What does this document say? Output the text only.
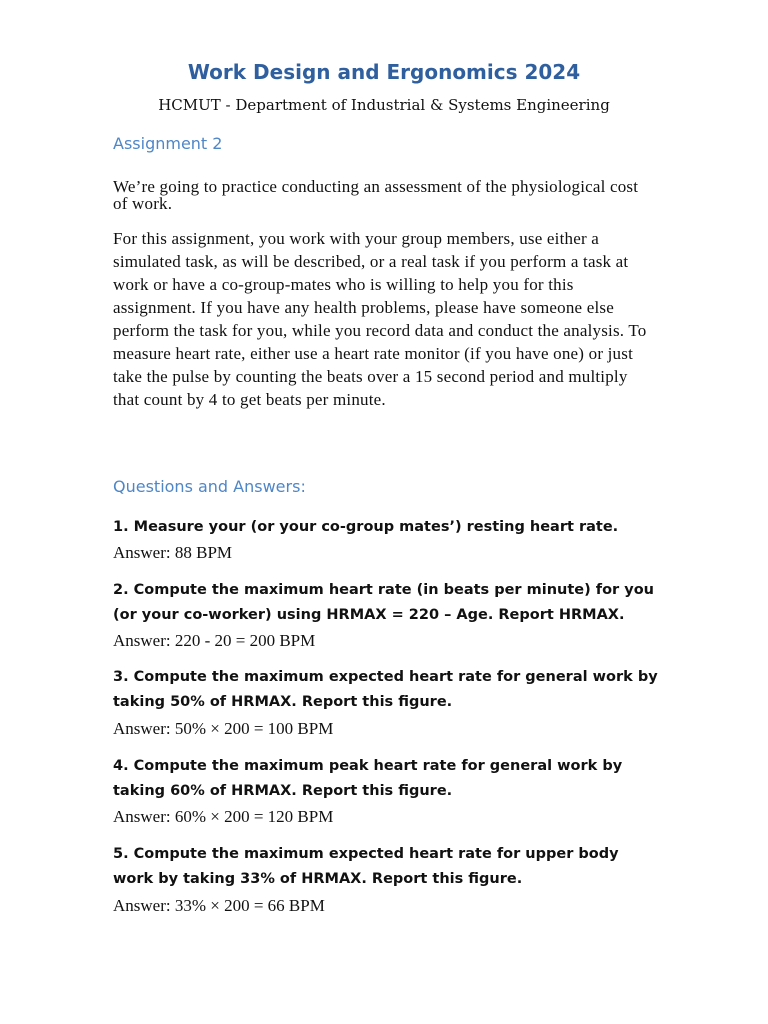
Work Design and Ergonomics 2024
HCMUT - Department of Industrial & Systems Engineering
Assignment 2
We’re going to practice conducting an assessment of the physiological cost of work.
For this assignment, you work with your group members, use either a simulated task, as will be described, or a real task if you perform a task at work or have a co-group-mates who is willing to help you for this assignment. If you have any health problems, please have someone else perform the task for you, while you record data and conduct the analysis. To measure heart rate, either use a heart rate monitor (if you have one) or just take the pulse by counting the beats over a 15 second period and multiply that count by 4 to get beats per minute.
Questions and Answers:
1. Measure your (or your co-group mates’) resting heart rate.
Answer: 88 BPM
2. Compute the maximum heart rate (in beats per minute) for you (or your co-worker) using HRMAX = 220 – Age. Report HRMAX.
Answer: 220 - 20 = 200 BPM
3. Compute the maximum expected heart rate for general work by taking 50% of HRMAX. Report this figure.
Answer: 50% × 200 = 100 BPM
4. Compute the maximum peak heart rate for general work by taking 60% of HRMAX. Report this figure.
Answer: 60% × 200 = 120 BPM
5. Compute the maximum expected heart rate for upper body work by taking 33% of HRMAX. Report this figure.
Answer: 33% × 200 = 66 BPM
